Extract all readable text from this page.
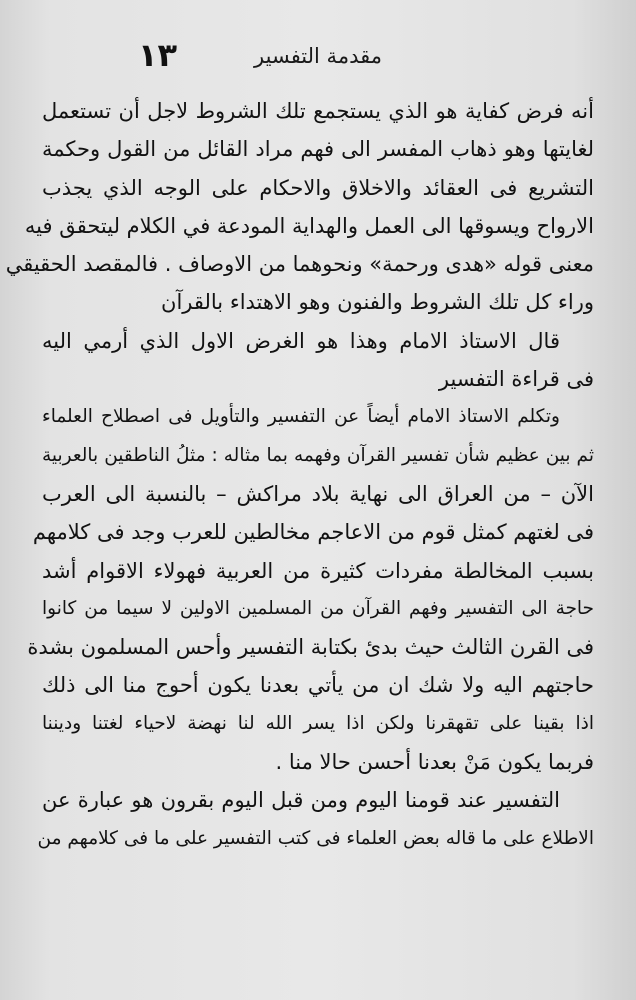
مقدمة التفسير
١٣
أنه فرض كفاية هو الذي يستجمع تلك الشروط لاجل أن تستعمل
لغايتها وهو ذهاب المفسر الى فهم مراد القائل من القول وحكمة
التشريع فى العقائد والاخلاق والاحكام على الوجه الذي يجذب
الارواح ويسوقها الى العمل والهداية المودعة في الكلام ليتحقق فيه
معنى قوله «هدى ورحمة» ونحوهما من الاوصاف . فالمقصد الحقيقي
وراء كل تلك الشروط والفنون وهو الاهتداء بالقرآن
قال الاستاذ الامام وهذا هو الغرض الاول الذي أرمي اليه
فى قراءة التفسير
وتكلم الاستاذ الامام أيضاً عن التفسير والتأويل فى اصطلاح العلماء
ثم بين عظيم شأن تفسير القرآن وفهمه بما مثاله : مثلُ الناطقين بالعربية
الآن – من العراق الى نهاية بلاد مراكش – بالنسبة الى العرب
فى لغتهم كمثل قوم من الاعاجم مخالطين للعرب وجد فى كلامهم
بسبب المخالطة مفردات كثيرة من العربية فهولاء الاقوام أشد
حاجة الى التفسير وفهم القرآن من المسلمين الاولين لا سيما من كانوا
فى القرن الثالث حيث بدئ بكتابة التفسير وأحس المسلمون بشدة
حاجتهم اليه ولا شك ان من يأتي بعدنا يكون أحوج منا الى ذلك
اذا بقينا على تقهقرنا ولكن اذا يسر الله لنا نهضة لاحياء لغتنا وديننا
فربما يكون مَنْ بعدنا أحسن حالا منا .
التفسير عند قومنا اليوم ومن قبل اليوم بقرون هو عبارة عن
الاطلاع على ما قاله بعض العلماء فى كتب التفسير على ما فى كلامهم من
